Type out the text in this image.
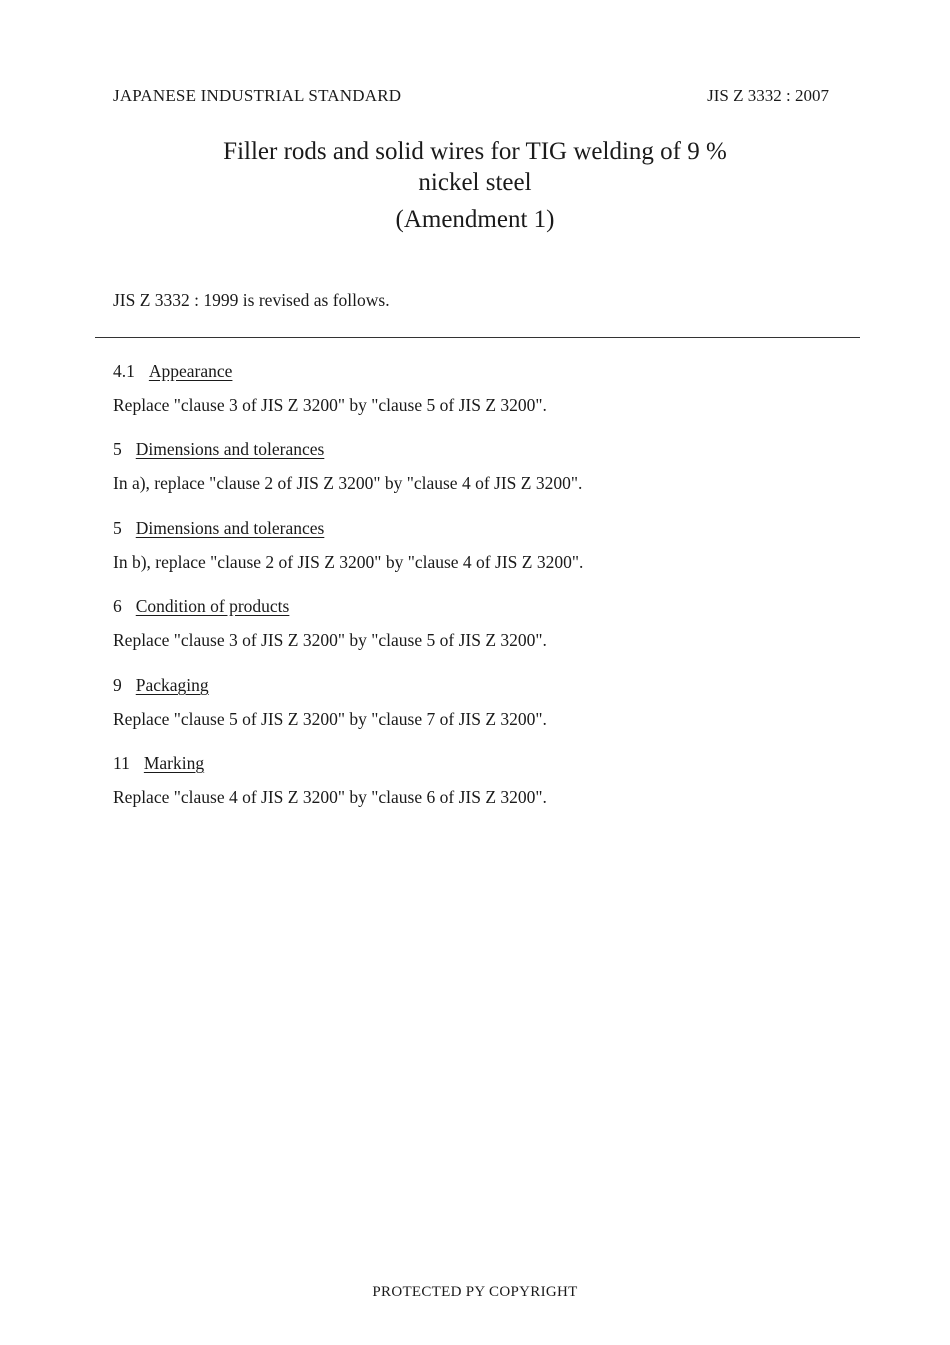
JAPANESE INDUSTRIAL STANDARD	JIS Z 3332 : 2007
Filler rods and solid wires for TIG welding of 9 %
nickel steel
(Amendment 1)
JIS Z 3332 : 1999 is revised as follows.
4.1 Appearance
Replace "clause 3 of JIS Z 3200" by "clause 5 of JIS Z 3200".
5 Dimensions and tolerances
In a), replace "clause 2 of JIS Z 3200" by "clause 4 of JIS Z 3200".
5 Dimensions and tolerances
In b), replace "clause 2 of JIS Z 3200" by "clause 4 of JIS Z 3200".
6 Condition of products
Replace "clause 3 of JIS Z 3200" by "clause 5 of JIS Z 3200".
9 Packaging
Replace "clause 5 of JIS Z 3200" by "clause 7 of JIS Z 3200".
11 Marking
Replace "clause 4 of JIS Z 3200" by "clause 6 of JIS Z 3200".
PROTECTED PY COPYRIGHT
